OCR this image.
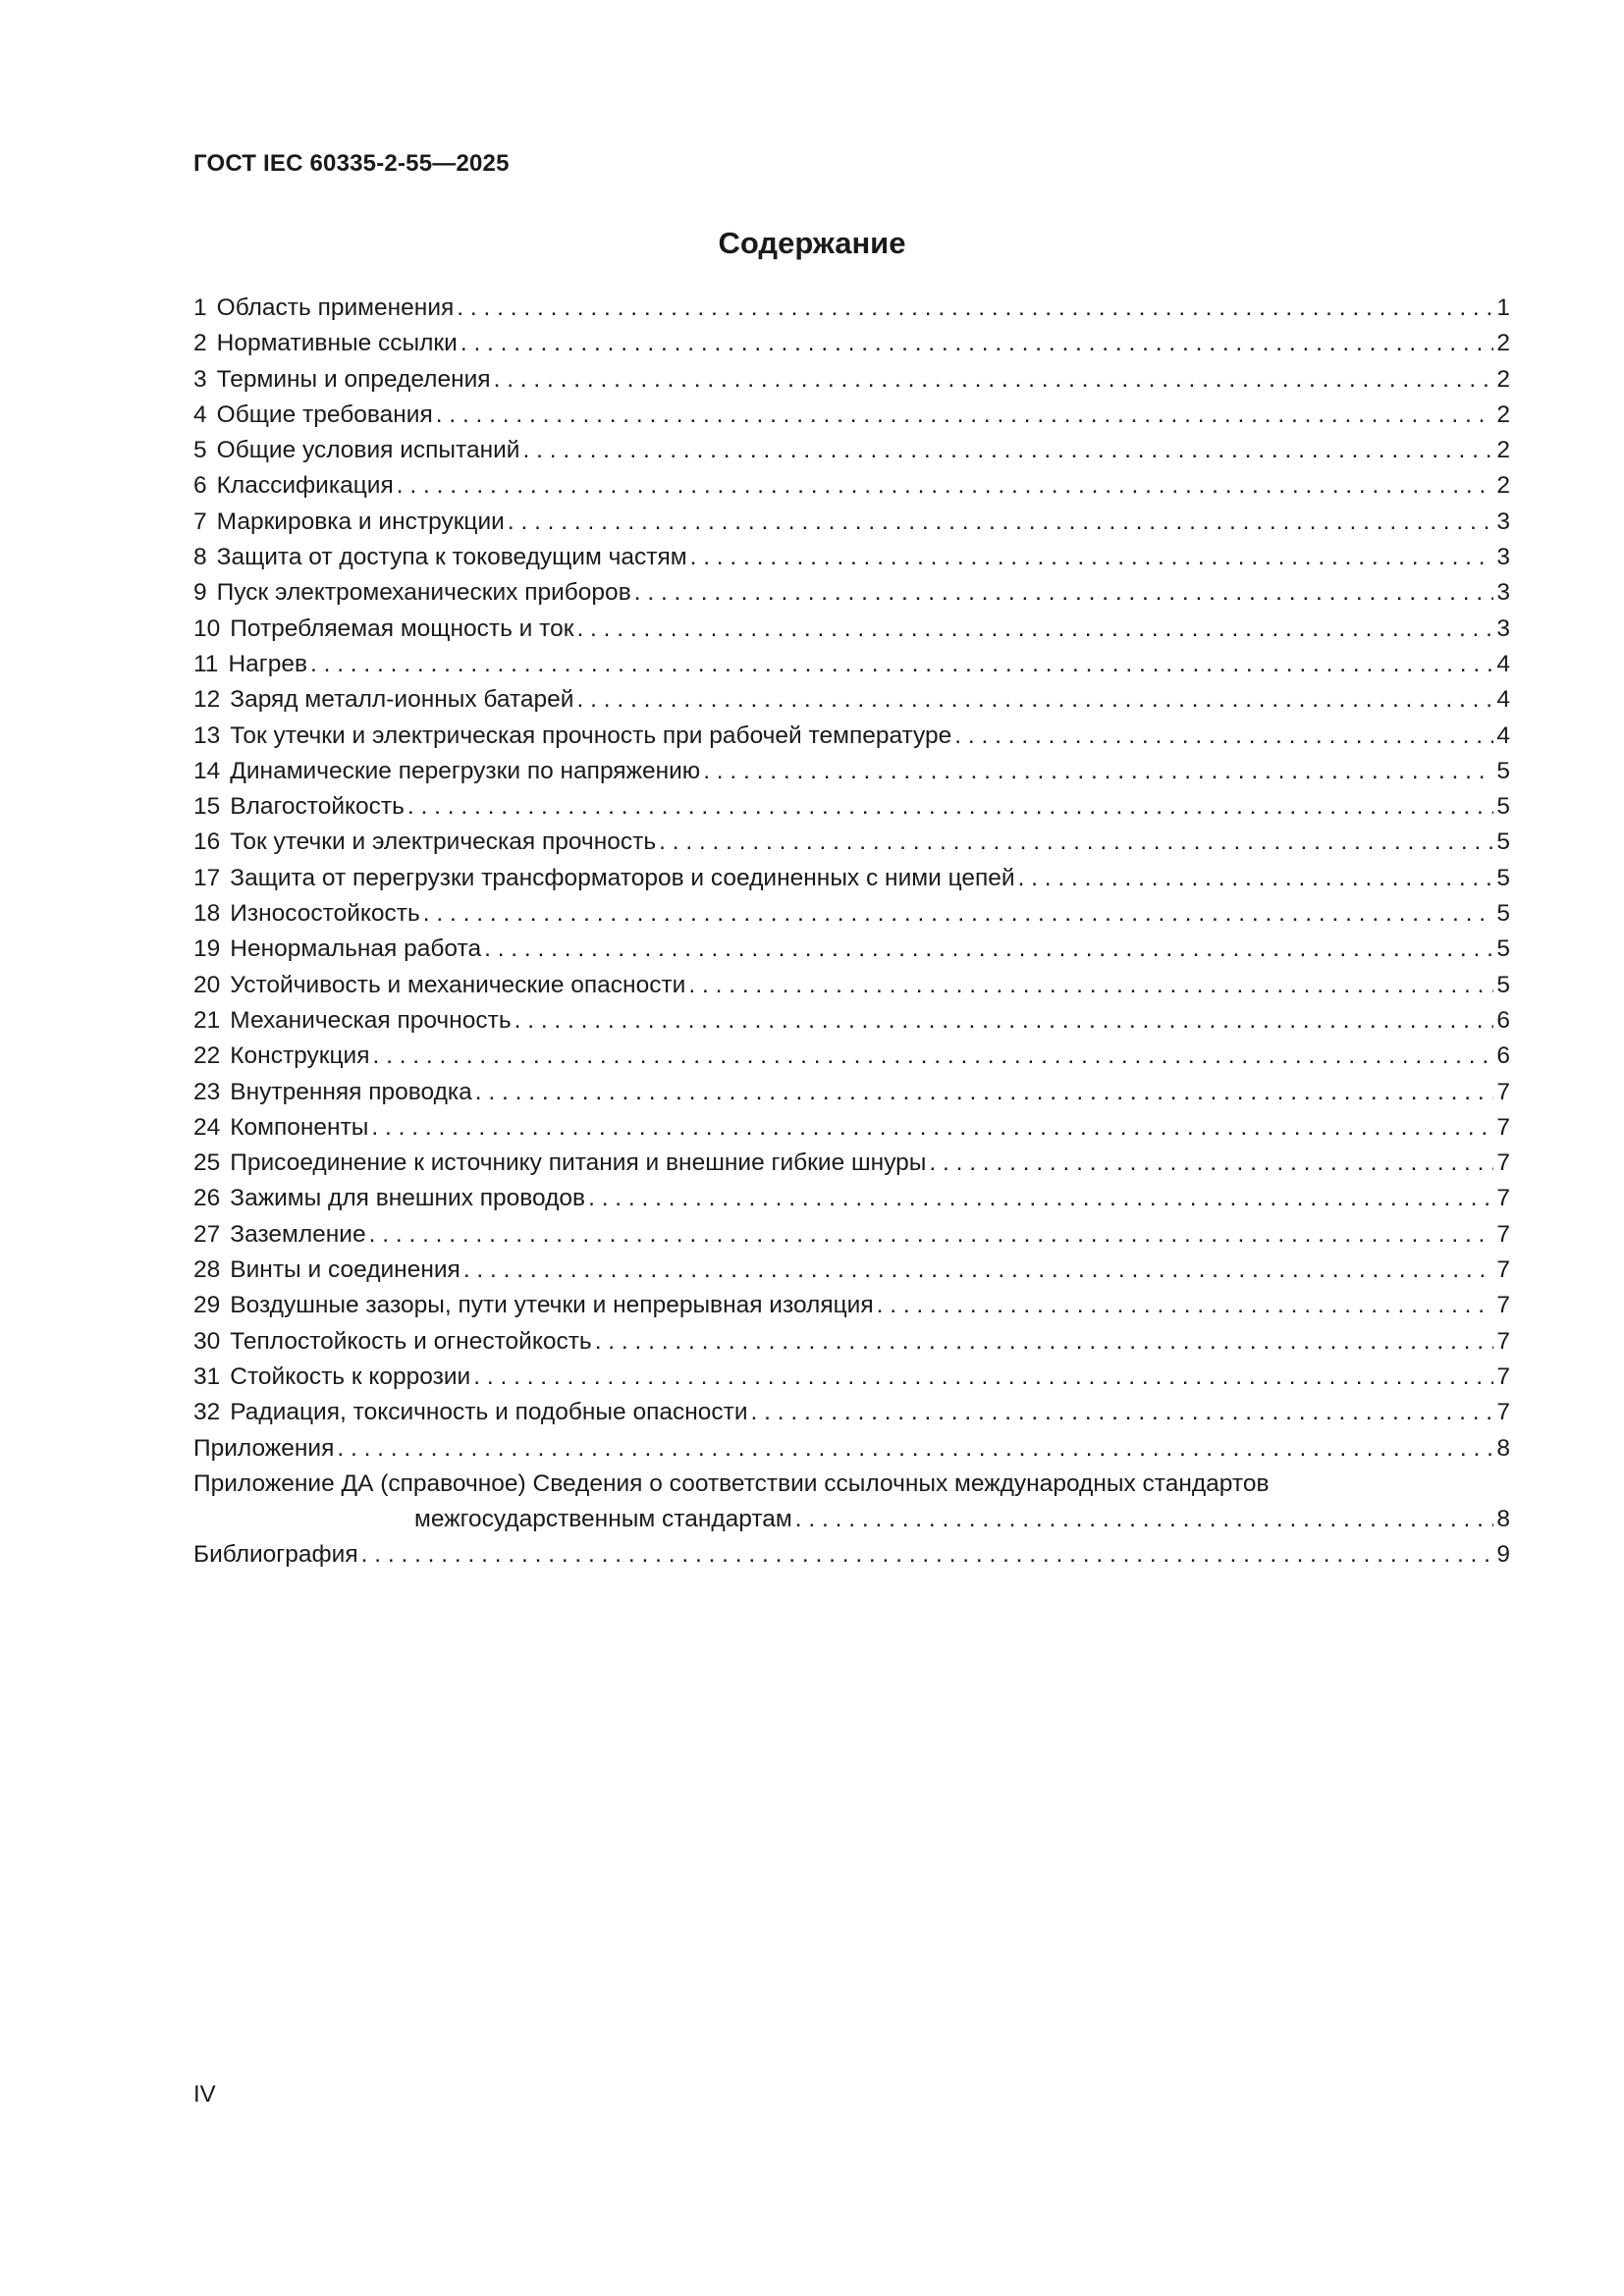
ГОСТ IEC 60335-2-55—2025
Содержание
1 Область применения . . .	1
2 Нормативные ссылки . . .	2
3 Термины и определения . . .	2
4 Общие требования . . .	2
5 Общие условия испытаний . . .	2
6 Классификация . . .	2
7 Маркировка и инструкции . . .	3
8 Защита от доступа к токоведущим частям . . .	3
9 Пуск электромеханических приборов . . .	3
10 Потребляемая мощность и ток . . .	3
11 Нагрев . . .	4
12 Заряд металл-ионных батарей . . .	4
13 Ток утечки и электрическая прочность при рабочей температуре . . .	4
14 Динамические перегрузки по напряжению . . .	5
15 Влагостойкость . . .	5
16 Ток утечки и электрическая прочность . . .	5
17 Защита от перегрузки трансформаторов и соединенных с ними цепей . . .	5
18 Износостойкость . . .	5
19 Ненормальная работа . . .	5
20 Устойчивость и механические опасности . . .	5
21 Механическая прочность . . .	6
22 Конструкция . . .	6
23 Внутренняя проводка . . .	7
24 Компоненты . . .	7
25 Присоединение к источнику питания и внешние гибкие шнуры . . .	7
26 Зажимы для внешних проводов . . .	7
27 Заземление . . .	7
28 Винты и соединения . . .	7
29 Воздушные зазоры, пути утечки и непрерывная изоляция . . .	7
30 Теплостойкость и огнестойкость . . .	7
31 Стойкость к коррозии . . .	7
32 Радиация, токсичность и подобные опасности . . .	7
Приложения . . .	8
Приложение ДА (справочное) Сведения о соответствии ссылочных международных стандартов
межгосударственным стандартам . . .	8
Библиография . . .	9
IV
